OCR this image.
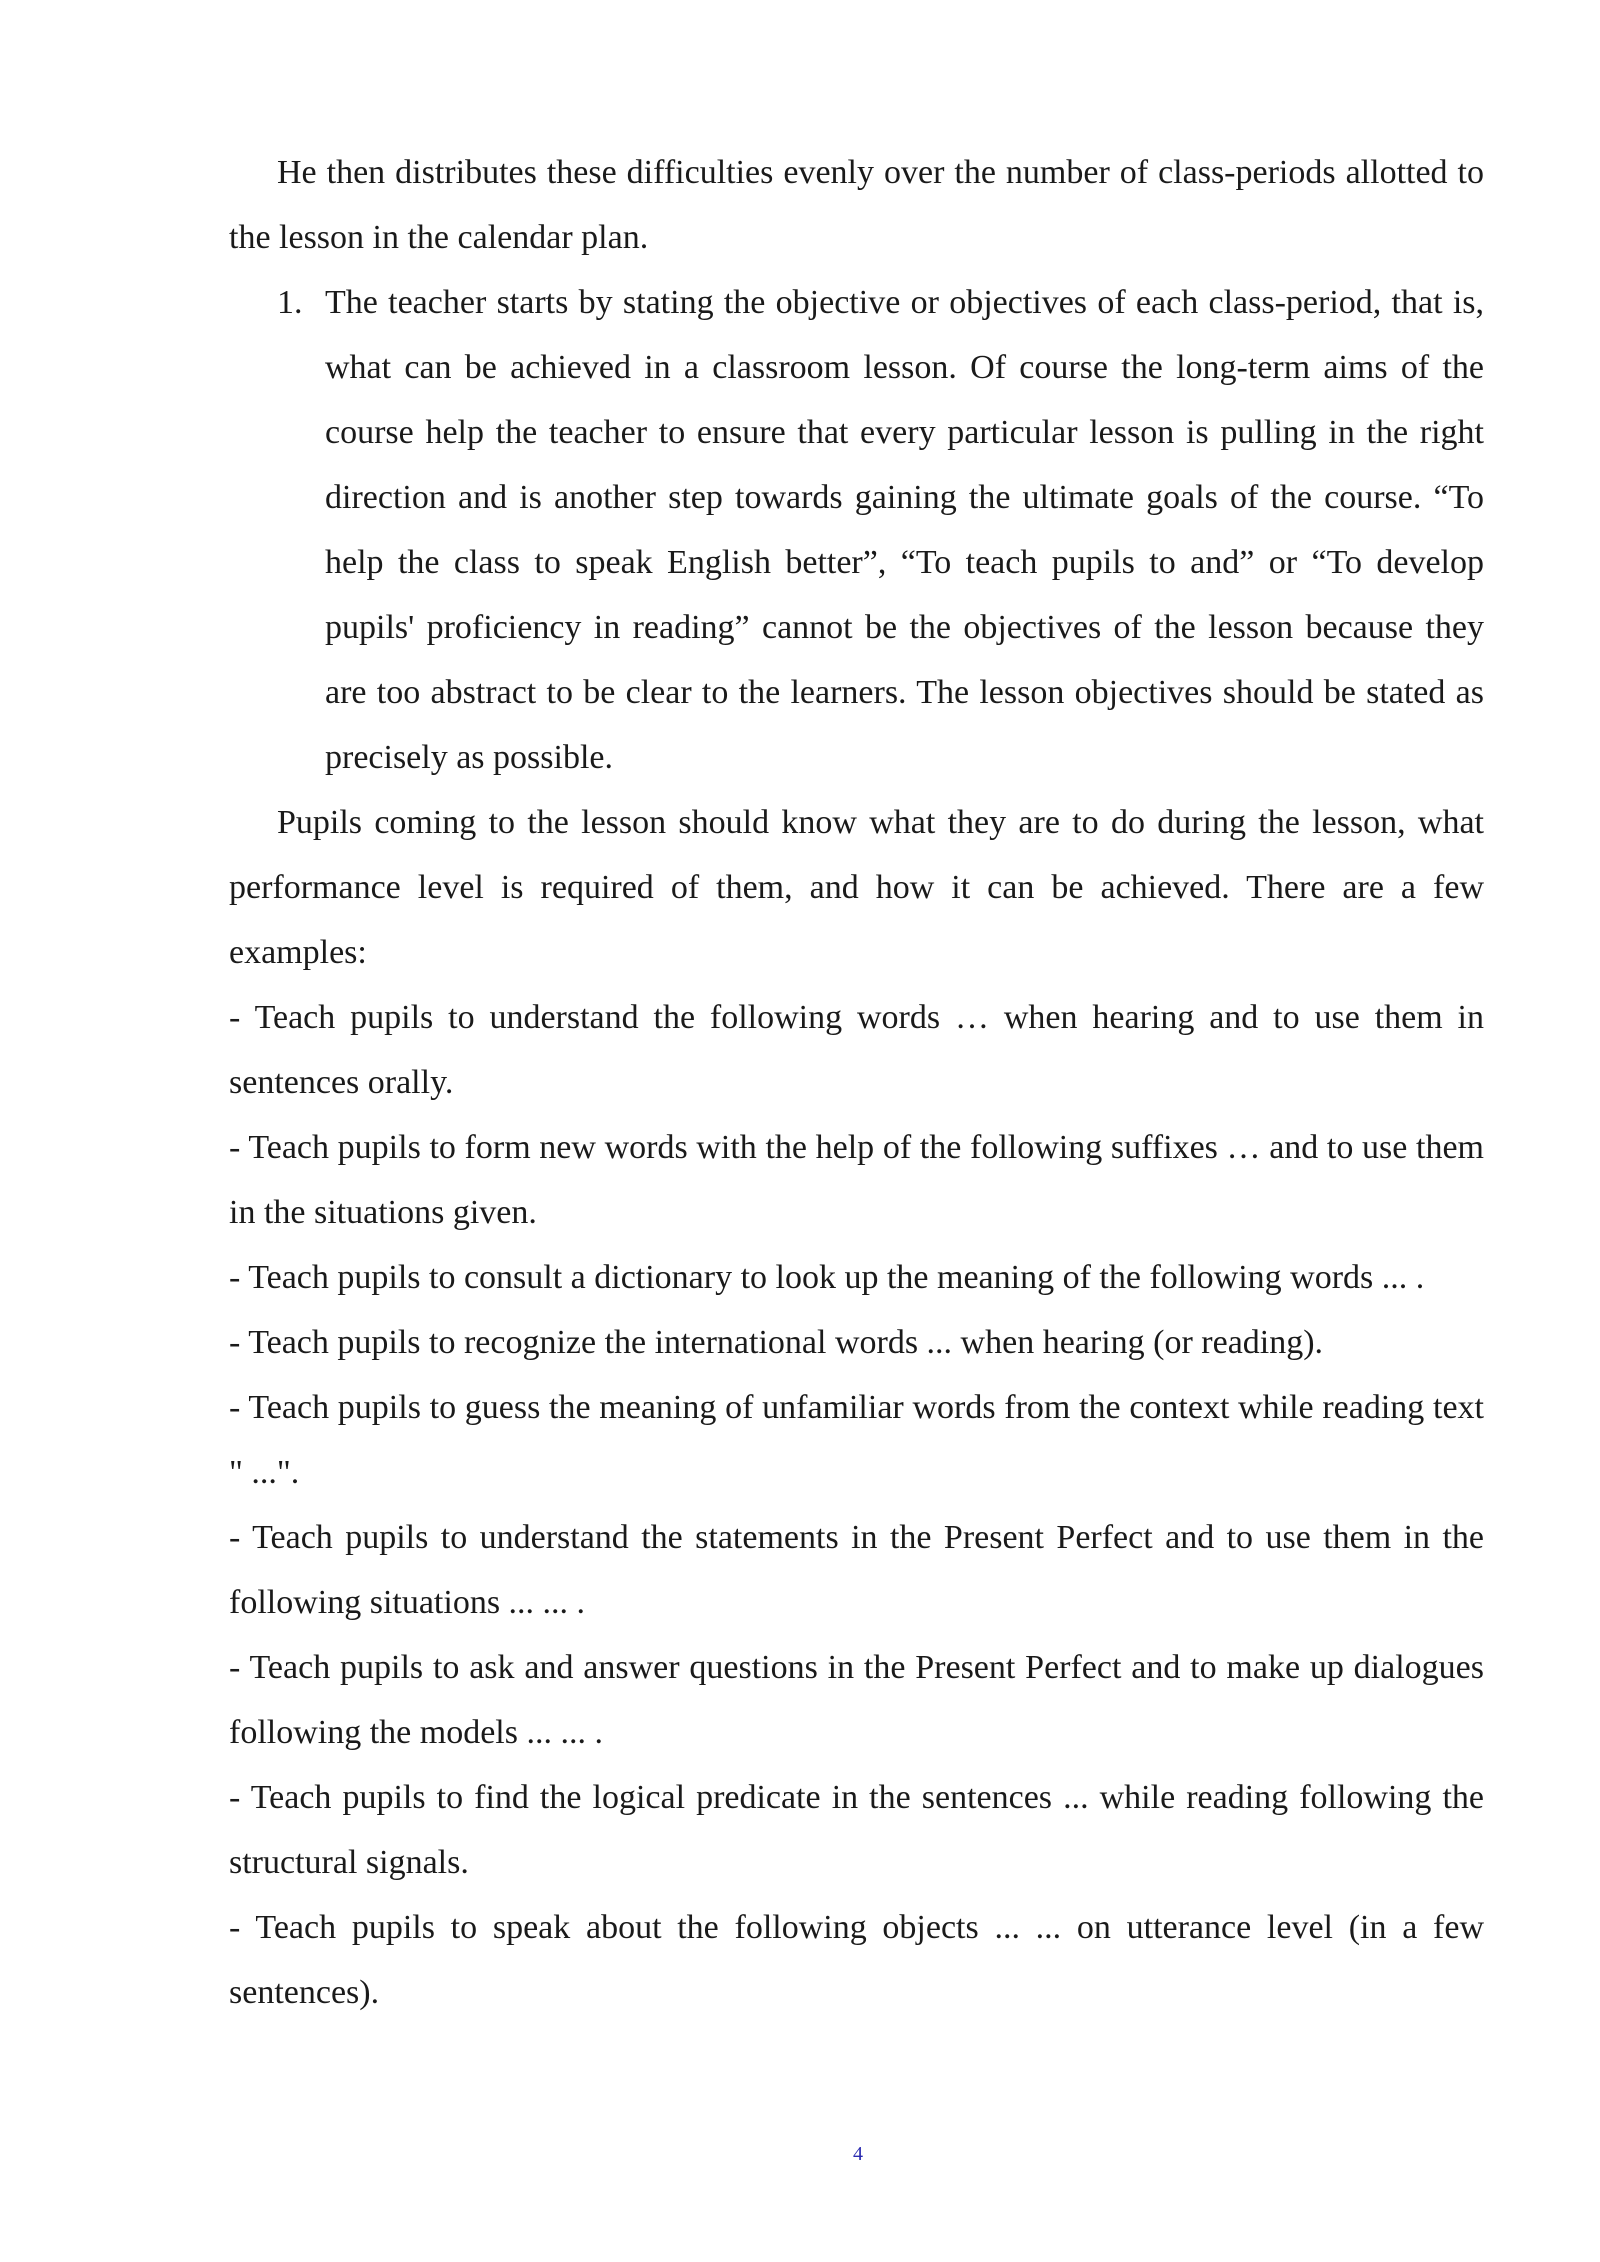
He then distributes these difficulties evenly over the number of class-periods allotted to the lesson in the calendar plan.

1. The teacher starts by stating the objective or objectives of each class-period, that is, what can be achieved in a classroom lesson. Of course the long-term aims of the course help the teacher to ensure that every particular lesson is pulling in the right direction and is another step towards gaining the ultimate goals of the course. “To help the class to speak English better”, “To teach pupils to and” or “To develop pupils' proficiency in reading” cannot be the objectives of the lesson because they are too abstract to be clear to the learners. The lesson objectives should be stated as precisely as possible.

Pupils coming to the lesson should know what they are to do during the lesson, what performance level is required of them, and how it can be achieved. There are a few examples:

- Teach pupils to understand the following words … when hearing and to use them in sentences orally.

- Teach pupils to form new words with the help of the following suffixes … and to use them in the situations given.

- Teach pupils to consult a dictionary to look up the meaning of the following words ... .

- Teach pupils to recognize the international words ... when hearing (or reading).

- Teach pupils to guess the meaning of unfamiliar words from the context while reading text " ...".

- Teach pupils to understand the statements in the Present Perfect and to use them in the following situations ... ... .

- Teach pupils to ask and answer questions in the Present Perfect and to make up dialogues following the models ... ... .

- Teach pupils to find the logical predicate in the sentences ... while reading following the structural signals.

- Teach pupils to speak about the following objects ... ... on utterance level (in a few sentences).

4
